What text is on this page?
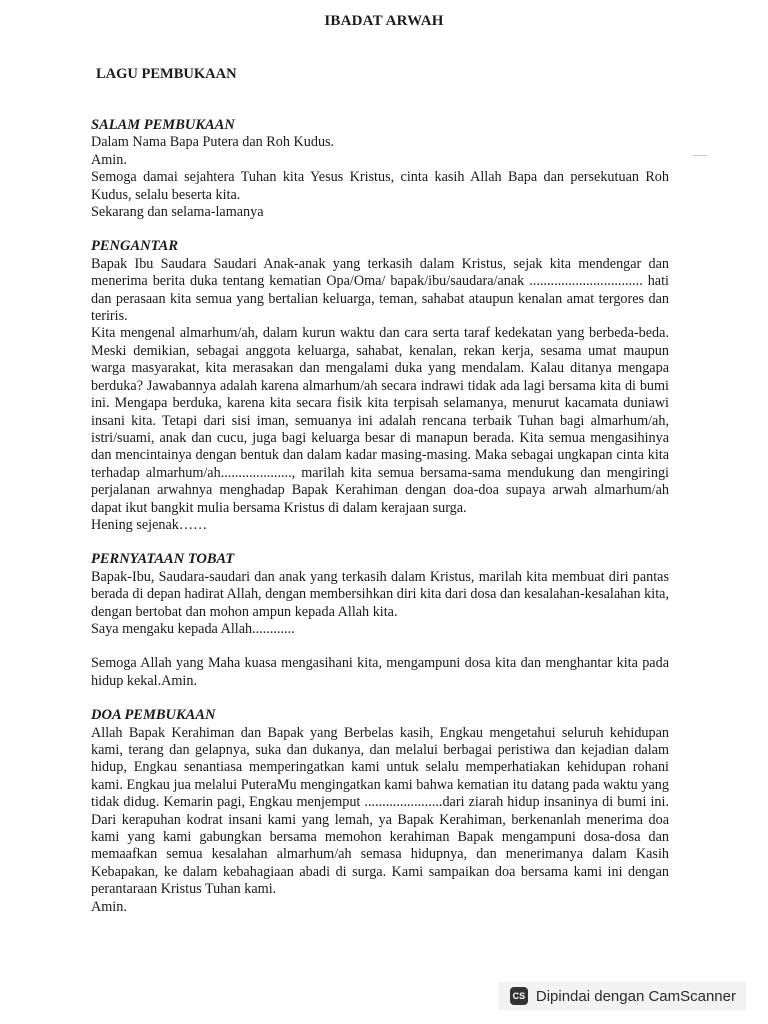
IBADAT ARWAH
LAGU PEMBUKAAN

SALAM PEMBUKAAN

Dalam Nama Bapa Putera dan Roh Kudus.

Amin.

Semoga damai sejahtera Tuhan kita Yesus Kristus, cinta kasih Allah Bapa dan persekutuan Roh Kudus, selalu beserta kita.

Sekarang dan selama-lamanya

PENGANTAR

Bapak Ibu Saudara Saudari Anak-anak yang terkasih dalam Kristus, sejak kita mendengar dan menerima berita duka tentang kematian Opa/Oma/ bapak/ibu/saudara/anak ................................ hati dan perasaan kita semua yang bertalian keluarga, teman, sahabat ataupun kenalan amat tergores dan teriris.

Kita mengenal almarhum/ah, dalam kurun waktu dan cara serta taraf kedekatan yang berbeda-beda. Meski demikian, sebagai anggota keluarga, sahabat, kenalan, rekan kerja, sesama umat maupun warga masyarakat, kita merasakan dan mengalami duka yang mendalam. Kalau ditanya mengapa berduka? Jawabannya adalah karena almarhum/ah secara indrawi tidak ada lagi bersama kita di bumi ini. Mengapa berduka, karena kita secara fisik kita terpisah selamanya, menurut kacamata duniawi insani kita. Tetapi dari sisi iman, semuanya ini adalah rencana terbaik Tuhan bagi almarhum/ah, istri/suami, anak dan cucu, juga bagi keluarga besar di manapun berada. Kita semua mengasihinya dan mencintainya dengan bentuk dan dalam kadar masing-masing. Maka sebagai ungkapan cinta kita terhadap almarhum/ah...................., marilah kita semua bersama-sama mendukung dan mengiringi perjalanan arwahnya menghadap Bapak Kerahiman dengan doa-doa supaya arwah almarhum/ah dapat ikut bangkit mulia bersama Kristus di dalam kerajaan surga.

Hening sejenak……

PERNYATAAN TOBAT

Bapak-Ibu, Saudara-saudari dan anak yang terkasih dalam Kristus, marilah kita membuat diri pantas berada di depan hadirat Allah, dengan membersihkan diri kita dari dosa dan kesalahan-kesalahan kita, dengan bertobat dan mohon ampun kepada Allah kita.

Saya mengaku kepada Allah............

Semoga Allah yang Maha kuasa mengasihani kita, mengampuni dosa kita dan menghantar kita pada hidup kekal.Amin.

DOA PEMBUKAAN

Allah Bapak Kerahiman dan Bapak yang Berbelas kasih, Engkau mengetahui seluruh kehidupan kami, terang dan gelapnya, suka dan dukanya, dan melalui berbagai peristiwa dan kejadian dalam hidup, Engkau senantiasa memperingatkan kami untuk selalu memperhatiakan kehidupan rohani kami. Engkau jua melalui PuteraMu mengingatkan kami bahwa kematian itu datang pada waktu yang tidak didug. Kemarin pagi, Engkau menjemput ......................dari ziarah hidup insaninya di bumi ini. Dari kerapuhan kodrat insani kami yang lemah, ya Bapak Kerahiman, berkenanlah menerima doa kami yang kami gabungkan bersama memohon kerahiman Bapak mengampuni dosa-dosa dan memaafkan semua kesalahan almarhum/ah semasa hidupnya, dan menerimanya dalam Kasih Kebapakan, ke dalam kebahagiaan abadi di surga. Kami sampaikan doa bersama kami ini dengan perantaraan Kristus Tuhan kami.

Amin.

CS Dipindai dengan CamScanner
